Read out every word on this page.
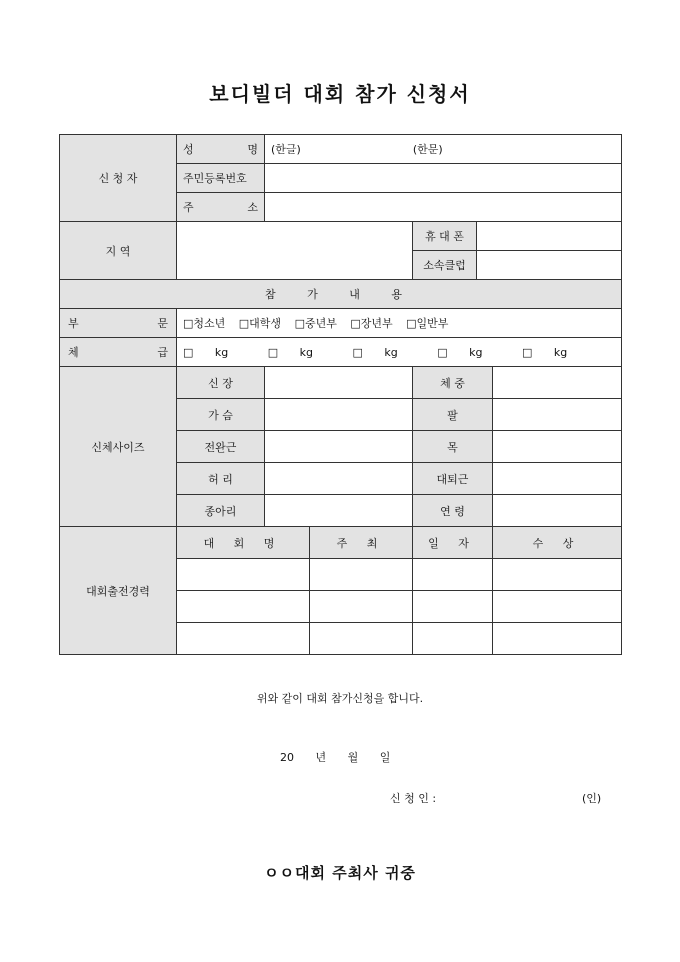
보디빌더 대회 참가 신청서
신 청 자	성 명	(한글) (한문)				
	주민등록번호					

	주 소					

지 역				휴 대 폰		
				소속클럽		
참 가 내 용						

부 문	□청소년 □대학생 □중년부 □장년부 □일반부					

체 급	□ kg □ kg □ kg □ kg □ kg					
신체사이즈	신 장			체 중		
	가 슴			팔		
	전완근			목		
	허 리			대퇴근		
	종아리			연 령		
대회출전경력	대 회 명		주 최	일 자		수 상

위와 같이 대회 참가신청을 합니다.
20 년 월 일
신 청 인 :	(인)
ㅇㅇ대회 주최사 귀중
